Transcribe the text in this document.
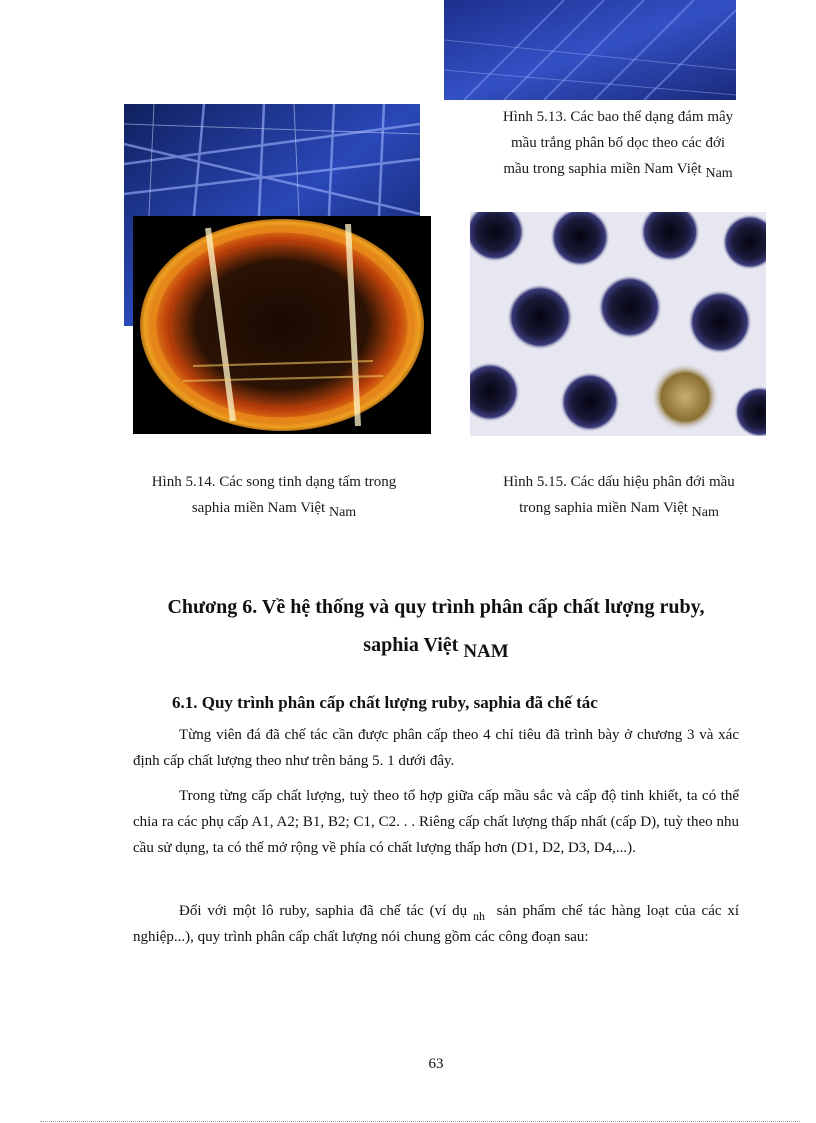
Hình 5.13. Các bao thể dạng đám mây
mầu trắng phân bố dọc theo các đới
mầu trong saphia miền Nam Việt Nam
Hình 5.14. Các song tinh dạng tấm trong
saphia miền Nam Việt Nam
Hình 5.15. Các dấu hiệu phân đới mầu
trong saphia miền Nam Việt Nam
Chương 6. Về hệ thống và quy trình phân cấp chất lượng ruby,
saphia Việt NAM
6.1. Quy trình phân cấp chất lượng ruby, saphia đã chế tác

Từng viên đá đã chế tác cần được phân cấp theo 4 chỉ tiêu đã trình bày ở chương 3 và xác định cấp chất lượng theo như trên bảng 5. 1 dưới đây.

Trong từng cấp chất lượng, tuỳ theo tổ hợp giữa cấp mầu sắc và cấp độ tinh khiết, ta có thể chia ra các phụ cấp A1, A2; B1, B2; C1, C2. . . Riêng cấp chất lượng thấp nhất (cấp D), tuỳ theo nhu cầu sử dụng, ta có thể mở rộng về phía có chất lượng thấp hơn (D1, D2, D3, D4,...).

Đối với một lô ruby, saphia đã chế tác (ví dụ $_{nh}$ sản phẩm chế tác hàng loạt của các xí nghiệp...), quy trình phân cấp chất lượng nói chung gồm các công đoạn sau:

63
